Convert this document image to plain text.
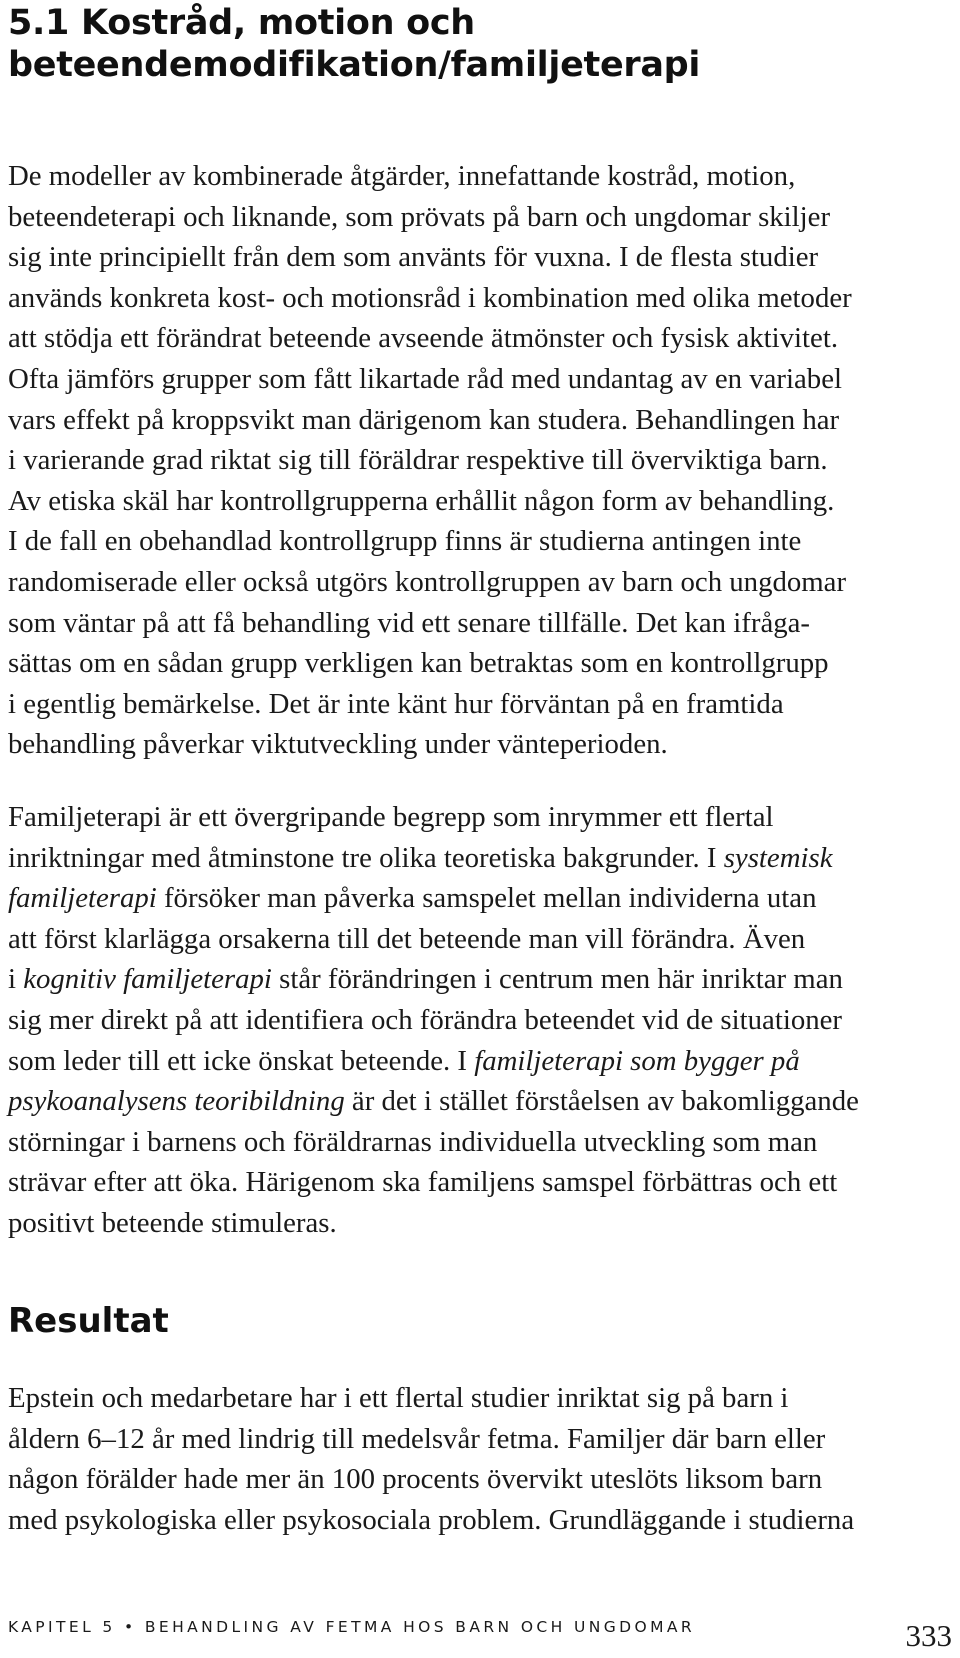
5.1 Kostråd, motion och
beteendemodifikation/familjeterapi

De modeller av kombinerade åtgärder, innefattande kostråd, motion,
beteendeterapi och liknande, som prövats på barn och ungdomar skiljer
sig inte principiellt från dem som använts för vuxna. I de flesta studier
används konkreta kost- och motionsråd i kombination med olika metoder
att stödja ett förändrat beteende avseende ätmönster och fysisk aktivitet.
Ofta jämförs grupper som fått likartade råd med undantag av en variabel
vars effekt på kroppsvikt man därigenom kan studera. Behandlingen har
i varierande grad riktat sig till föräldrar respektive till överviktiga barn.
Av etiska skäl har kontrollgrupperna erhållit någon form av behandling.
I de fall en obehandlad kontrollgrupp finns är studierna antingen inte
randomiserade eller också utgörs kontrollgruppen av barn och ungdomar
som väntar på att få behandling vid ett senare tillfälle. Det kan ifråga-
sättas om en sådan grupp verkligen kan betraktas som en kontrollgrupp
i egentlig bemärkelse. Det är inte känt hur förväntan på en framtida
behandling påverkar viktutveckling under vänteperioden.

Familjeterapi är ett övergripande begrepp som inrymmer ett flertal
inriktningar med åtminstone tre olika teoretiska bakgrunder. I systemisk
familjeterapi försöker man påverka samspelet mellan individerna utan
att först klarlägga orsakerna till det beteende man vill förändra. Även
i kognitiv familjeterapi står förändringen i centrum men här inriktar man
sig mer direkt på att identifiera och förändra beteendet vid de situationer
som leder till ett icke önskat beteende. I familjeterapi som bygger på
psykoanalysens teoribildning är det i stället förståelsen av bakomliggande
störningar i barnens och föräldrarnas individuella utveckling som man
strävar efter att öka. Härigenom ska familjens samspel förbättras och ett
positivt beteende stimuleras.

Resultat

Epstein och medarbetare har i ett flertal studier inriktat sig på barn i
åldern 6–12 år med lindrig till medelsvår fetma. Familjer där barn eller
någon förälder hade mer än 100 procents övervikt uteslöts liksom barn
med psykologiska eller psykosociala problem. Grundläggande i studierna

KAPITEL 5 • BEHANDLING AV FETMA HOS BARN OCH UNGDOMAR	333
